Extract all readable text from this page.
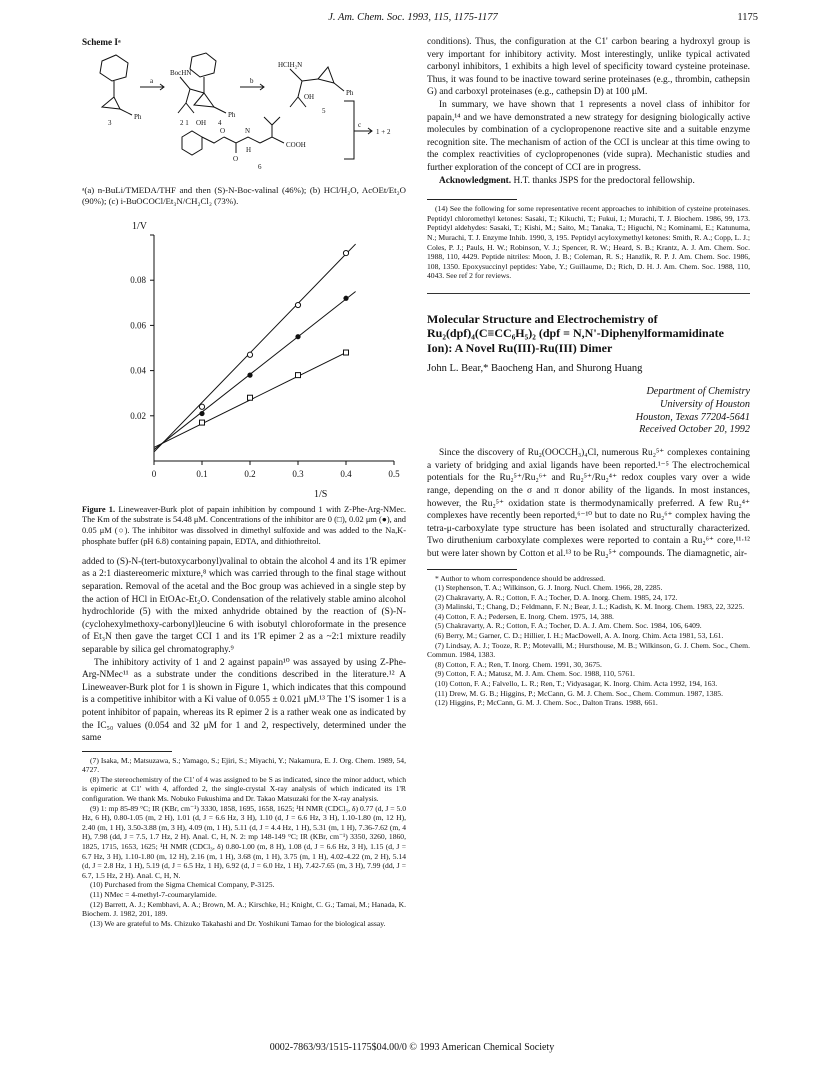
J. Am. Chem. Soc. 1993, 115, 1175-1177	1175
Scheme Iᵃ
a	b
c
1 + 2
3
Ph
BocHN
2 1 OH 4
Ph
HClH₂N
OH	Ph
5
O
O
N
H
COOH
6
ᵃ(a) n-BuLi/TMEDA/THF and then (S)-N-Boc-valinal (46%); (b) HCl/H₂O, AcOEt/Et₂O (90%); (c) i-BuOCOCl/Et₃N/CH₂Cl₂ (73%).
1/V
1/S
0	0.1	0.2	0.3	0.4	0.5
0.02
0.04
0.06
0.08
Figure 1. Lineweaver-Burk plot of papain inhibition by compound 1 with Z-Phe-Arg-NMec. The Km of the substrate is 54.48 μM. Concentrations of the inhibitor are 0 (□), 0.02 μm (●), and 0.05 μM (○). The inhibitor was dissolved in dimethyl sulfoxide and was added to the Na,K-phosphate buffer (pH 6.8) containing papain, EDTA, and dithiothreitol.

added to (S)-N-(tert-butoxycarbonyl)valinal to obtain the alcohol 4 and its 1'R epimer as a 2:1 diastereomeric mixture,⁸ which was carried through to the final stage without separation. Removal of the acetal and the Boc group was achieved in a single step by the action of HCl in EtOAc-Et₂O. Condensation of the relatively stable amino alcohol hydrochloride (5) with the mixed anhydride obtained by the reaction of (S)-N-(cyclohexylmethoxy-carbonyl)leucine 6 with isobutyl chloroformate in the presence of Et₃N then gave the target CCI 1 and its 1'R epimer 2 as a ~2:1 mixture readily separable by silica gel chromatography.⁹

The inhibitory activity of 1 and 2 against papain¹⁰ was assayed by using Z-Phe-Arg-NMec¹¹ as a substrate under the conditions described in the literature.¹² A Lineweaver-Burk plot for 1 is shown in Figure 1, which indicates that this compound is a competitive inhibitor with a Ki value of 0.055 ± 0.021 μM.¹³ The 1'S isomer 1 is a potent inhibitor of papain, whereas its R epimer 2 is a rather weak one as indicated by the IC₅₀ values (0.054 and 32 μM for 1 and 2, respectively, determined under the same

(7) Isaka, M.; Matsuzawa, S.; Yamago, S.; Ejiri, S.; Miyachi, Y.; Nakamura, E. J. Org. Chem. 1989, 54, 4727.
(8) The stereochemistry of the C1' of 4 was assigned to be S as indicated, since the minor adduct, which is epimeric at C1' with 4, afforded 2, the single-crystal X-ray analysis of which indicated its 1'R configuration. We thank Ms. Nobuko Fukushima and Dr. Takao Matsuzaki for the X-ray analysis.
(9) 1: mp 85-89 °C; IR (KBr, cm⁻¹) 3330, 1858, 1695, 1658, 1625; ¹H NMR (CDCl₃, δ) 0.77 (d, J = 5.0 Hz, 6 H), 0.80-1.05 (m, 2 H), 1.01 (d, J = 6.6 Hz, 3 H), 1.10 (d, J = 6.6 Hz, 3 H), 1.10-1.80 (m, 12 H), 2.40 (m, 1 H), 3.50-3.88 (m, 3 H), 4.09 (m, 1 H), 5.11 (d, J = 4.4 Hz, 1 H), 5.31 (m, 1 H), 7.36-7.62 (m, 4 H), 7.98 (dd, J = 7.5, 1.7 Hz, 2 H). Anal. C, H, N. 2: mp 148-149 °C; IR (KBr, cm⁻¹) 3350, 3260, 1860, 1825, 1715, 1653, 1625; ¹H NMR (CDCl₃, δ) 0.80-1.00 (m, 8 H), 1.08 (d, J = 6.6 Hz, 3 H), 1.15 (d, J = 6.7 Hz, 3 H), 1.10-1.80 (m, 12 H), 2.16 (m, 1 H), 3.68 (m, 1 H), 3.75 (m, 1 H), 4.02-4.22 (m, 2 H), 5.14 (d, J = 2.8 Hz, 1 H), 5.19 (d, J = 6.5 Hz, 1 H), 6.92 (d, J = 6.0 Hz, 1 H), 7.42-7.65 (m, 3 H), 7.99 (dd, J = 6.7, 1.5 Hz, 2 H). Anal. C, H, N.
(10) Purchased from the Sigma Chemical Company, P-3125.
(11) NMec = 4-methyl-7-coumarylamide.
(12) Barrett, A. J.; Kembhavi, A. A.; Brown, M. A.; Kirschke, H.; Knight, C. G.; Tamai, M.; Hanada, K. Biochem. J. 1982, 201, 189.
(13) We are grateful to Ms. Chizuko Takahashi and Dr. Yoshikuni Tamao for the biological assay.

conditions). Thus, the configuration at the C1' carbon bearing a hydroxyl group is very important for inhibitory activity. Most interestingly, unlike typical activated carbonyl inhibitors, 1 exhibits a high level of specificity toward cysteine proteinase. Thus, it was found to be inactive toward serine proteinases (e.g., thrombin, cathepsin G) and carboxyl proteinases (e.g., cathepsin D) at 100 μM.

In summary, we have shown that 1 represents a novel class of inhibitor for papain,¹⁴ and we have demonstrated a new strategy for designing biologically active molecules by combination of a cyclopropenone reactive site and a suitable enzyme recognition site. The mechanism of action of the CCI is unclear at this time owing to the complex reactivities of cyclopropenones (vide supra). Mechanistic studies and further exploration of the concept of CCI are in progress.

Acknowledgment. H.T. thanks JSPS for the predoctoral fellowship.

(14) See the following for some representative recent approaches to inhibition of cysteine proteinases. Peptidyl chloromethyl ketones: Sasaki, T.; Kikuchi, T.; Fukui, I.; Murachi, T. J. Biochem. 1986, 99, 173. Peptidyl aldehydes: Sasaki, T.; Kishi, M.; Saito, M.; Tanaka, T.; Higuchi, N.; Kominami, E.; Katunuma, N.; Murachi, T. J. Enzyme Inhib. 1990, 3, 195. Peptidyl acyloxymethyl ketones: Smith, R. A.; Copp, L. J.; Coles, P. J.; Pauls, H. W.; Robinson, V. J.; Spencer, R. W.; Heard, S. B.; Krantz, A. J. Am. Chem. Soc. 1988, 110, 4429. Peptide nitriles: Moon, J. B.; Coleman, R. S.; Hanzlik, R. P. J. Am. Chem. Soc. 1986, 108, 1350. Epoxysuccinyl peptides: Yabe, Y.; Guillaume, D.; Rich, D. H. J. Am. Chem. Soc. 1988, 110, 4043. See ref 2 for reviews.
Molecular Structure and Electrochemistry of Ru₂(dpf)₄(C≡CC₆H₅)₂ (dpf = N,N'-Diphenylformamidinate Ion): A Novel Ru(III)-Ru(III) Dimer
John L. Bear,* Baocheng Han, and Shurong Huang
Department of Chemistry
University of Houston
Houston, Texas 77204-5641
Received October 20, 1992

Since the discovery of Ru₂(OOCCH₃)₄Cl, numerous Ru₂⁵⁺ complexes containing a variety of bridging and axial ligands have been reported.¹⁻⁵ The electrochemical potentials for the Ru₂⁵⁺/Ru₂⁶⁺ and Ru₂⁵⁺/Ru₂⁴⁺ redox couples vary over a wide range, depending on the σ and π donor ability of the ligands. In most instances, however, the Ru₂⁵⁺ oxidation state is thermodynamically preferred. A few Ru₂⁴⁺ complexes have recently been reported,⁶⁻¹⁰ but to date no Ru₂⁶⁺ complex having the tetra-μ-carboxylate type structure has been isolated and structurally characterized. Two diruthenium carboxylate complexes were reported to contain a Ru₂⁶⁺ core,¹¹·¹² but were later shown by Cotton et al.¹³ to be Ru₂⁵⁺ compounds. The diamagnetic, air-

* Author to whom correspondence should be addressed.
(1) Stephenson, T. A.; Wilkinson, G. J. Inorg. Nucl. Chem. 1966, 28, 2285.
(2) Chakravarty, A. R.; Cotton, F. A.; Tocher, D. A. Inorg. Chem. 1985, 24, 172.
(3) Malinski, T.; Chang, D.; Feldmann, F. N.; Bear, J. L.; Kadish, K. M. Inorg. Chem. 1983, 22, 3225.
(4) Cotton, F. A.; Pedersen, E. Inorg. Chem. 1975, 14, 388.
(5) Chakravarty, A. R.; Cotton, F. A.; Tocher, D. A. J. Am. Chem. Soc. 1984, 106, 6409.
(6) Berry, M.; Garner, C. D.; Hillier, I. H.; MacDowell, A. A. Inorg. Chim. Acta 1981, 53, L61.
(7) Lindsay, A. J.; Tooze, R. P.; Motevalli, M.; Hursthouse, M. B.; Wilkinson, G. J. Chem. Soc., Chem. Commun. 1984, 1383.
(8) Cotton, F. A.; Ren, T. Inorg. Chem. 1991, 30, 3675.
(9) Cotton, F. A.; Matusz, M. J. Am. Chem. Soc. 1988, 110, 5761.
(10) Cotton, F. A.; Falvello, L. R.; Ren, T.; Vidyasagar, K. Inorg. Chim. Acta 1992, 194, 163.
(11) Drew, M. G. B.; Higgins, P.; McCann, G. M. J. Chem. Soc., Chem. Commun. 1987, 1385.
(12) Higgins, P.; McCann, G. M. J. Chem. Soc., Dalton Trans. 1988, 661.
0002-7863/93/1515-1175$04.00/0 © 1993 American Chemical Society
